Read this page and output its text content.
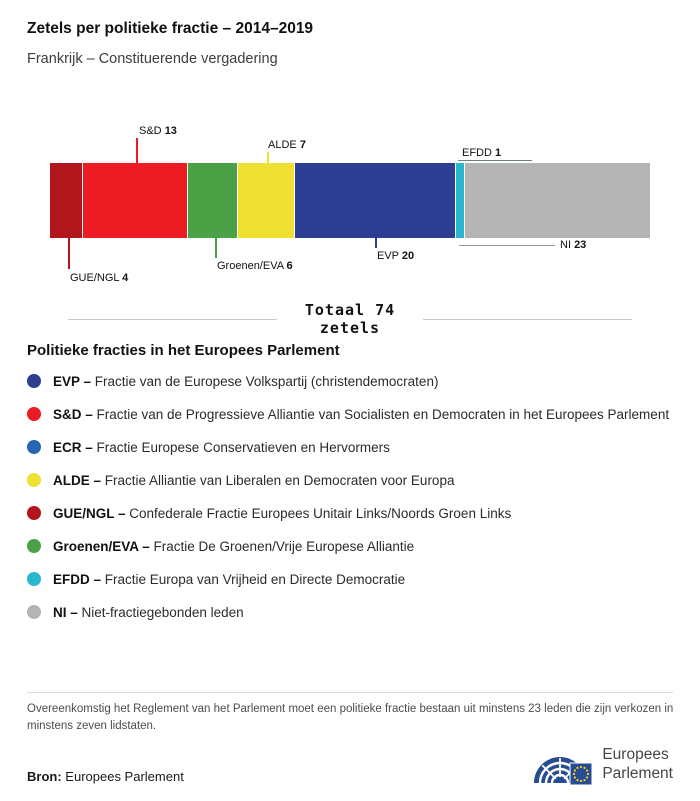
Zetels per politieke fractie – 2014–2019
Frankrijk – Constituerende vergadering
S&D 13
ALDE 7
EFDD 1
GUE/NGL 4
Groenen/EVA 6
EVP 20
NI 23
Totaal 74
zetels
Politieke fracties in het Europees Parlement
EVP – Fractie van de Europese Volkspartij (christendemocraten)
S&D – Fractie van de Progressieve Alliantie van Socialisten en Democraten in het Europees Parlement
ECR – Fractie Europese Conservatieven en Hervormers
ALDE – Fractie Alliantie van Liberalen en Democraten voor Europa
GUE/NGL – Confederale Fractie Europees Unitair Links/Noords Groen Links
Groenen/EVA – Fractie De Groenen/Vrije Europese Alliantie
EFDD – Fractie Europa van Vrijheid en Directe Democratie
NI – Niet-fractiegebonden leden
Overeenkomstig het Reglement van het Parlement moet een politieke fractie bestaan uit minstens 23 leden die zijn verkozen in minstens zeven lidstaten.
Bron: Europees Parlement
Europees
Parlement
